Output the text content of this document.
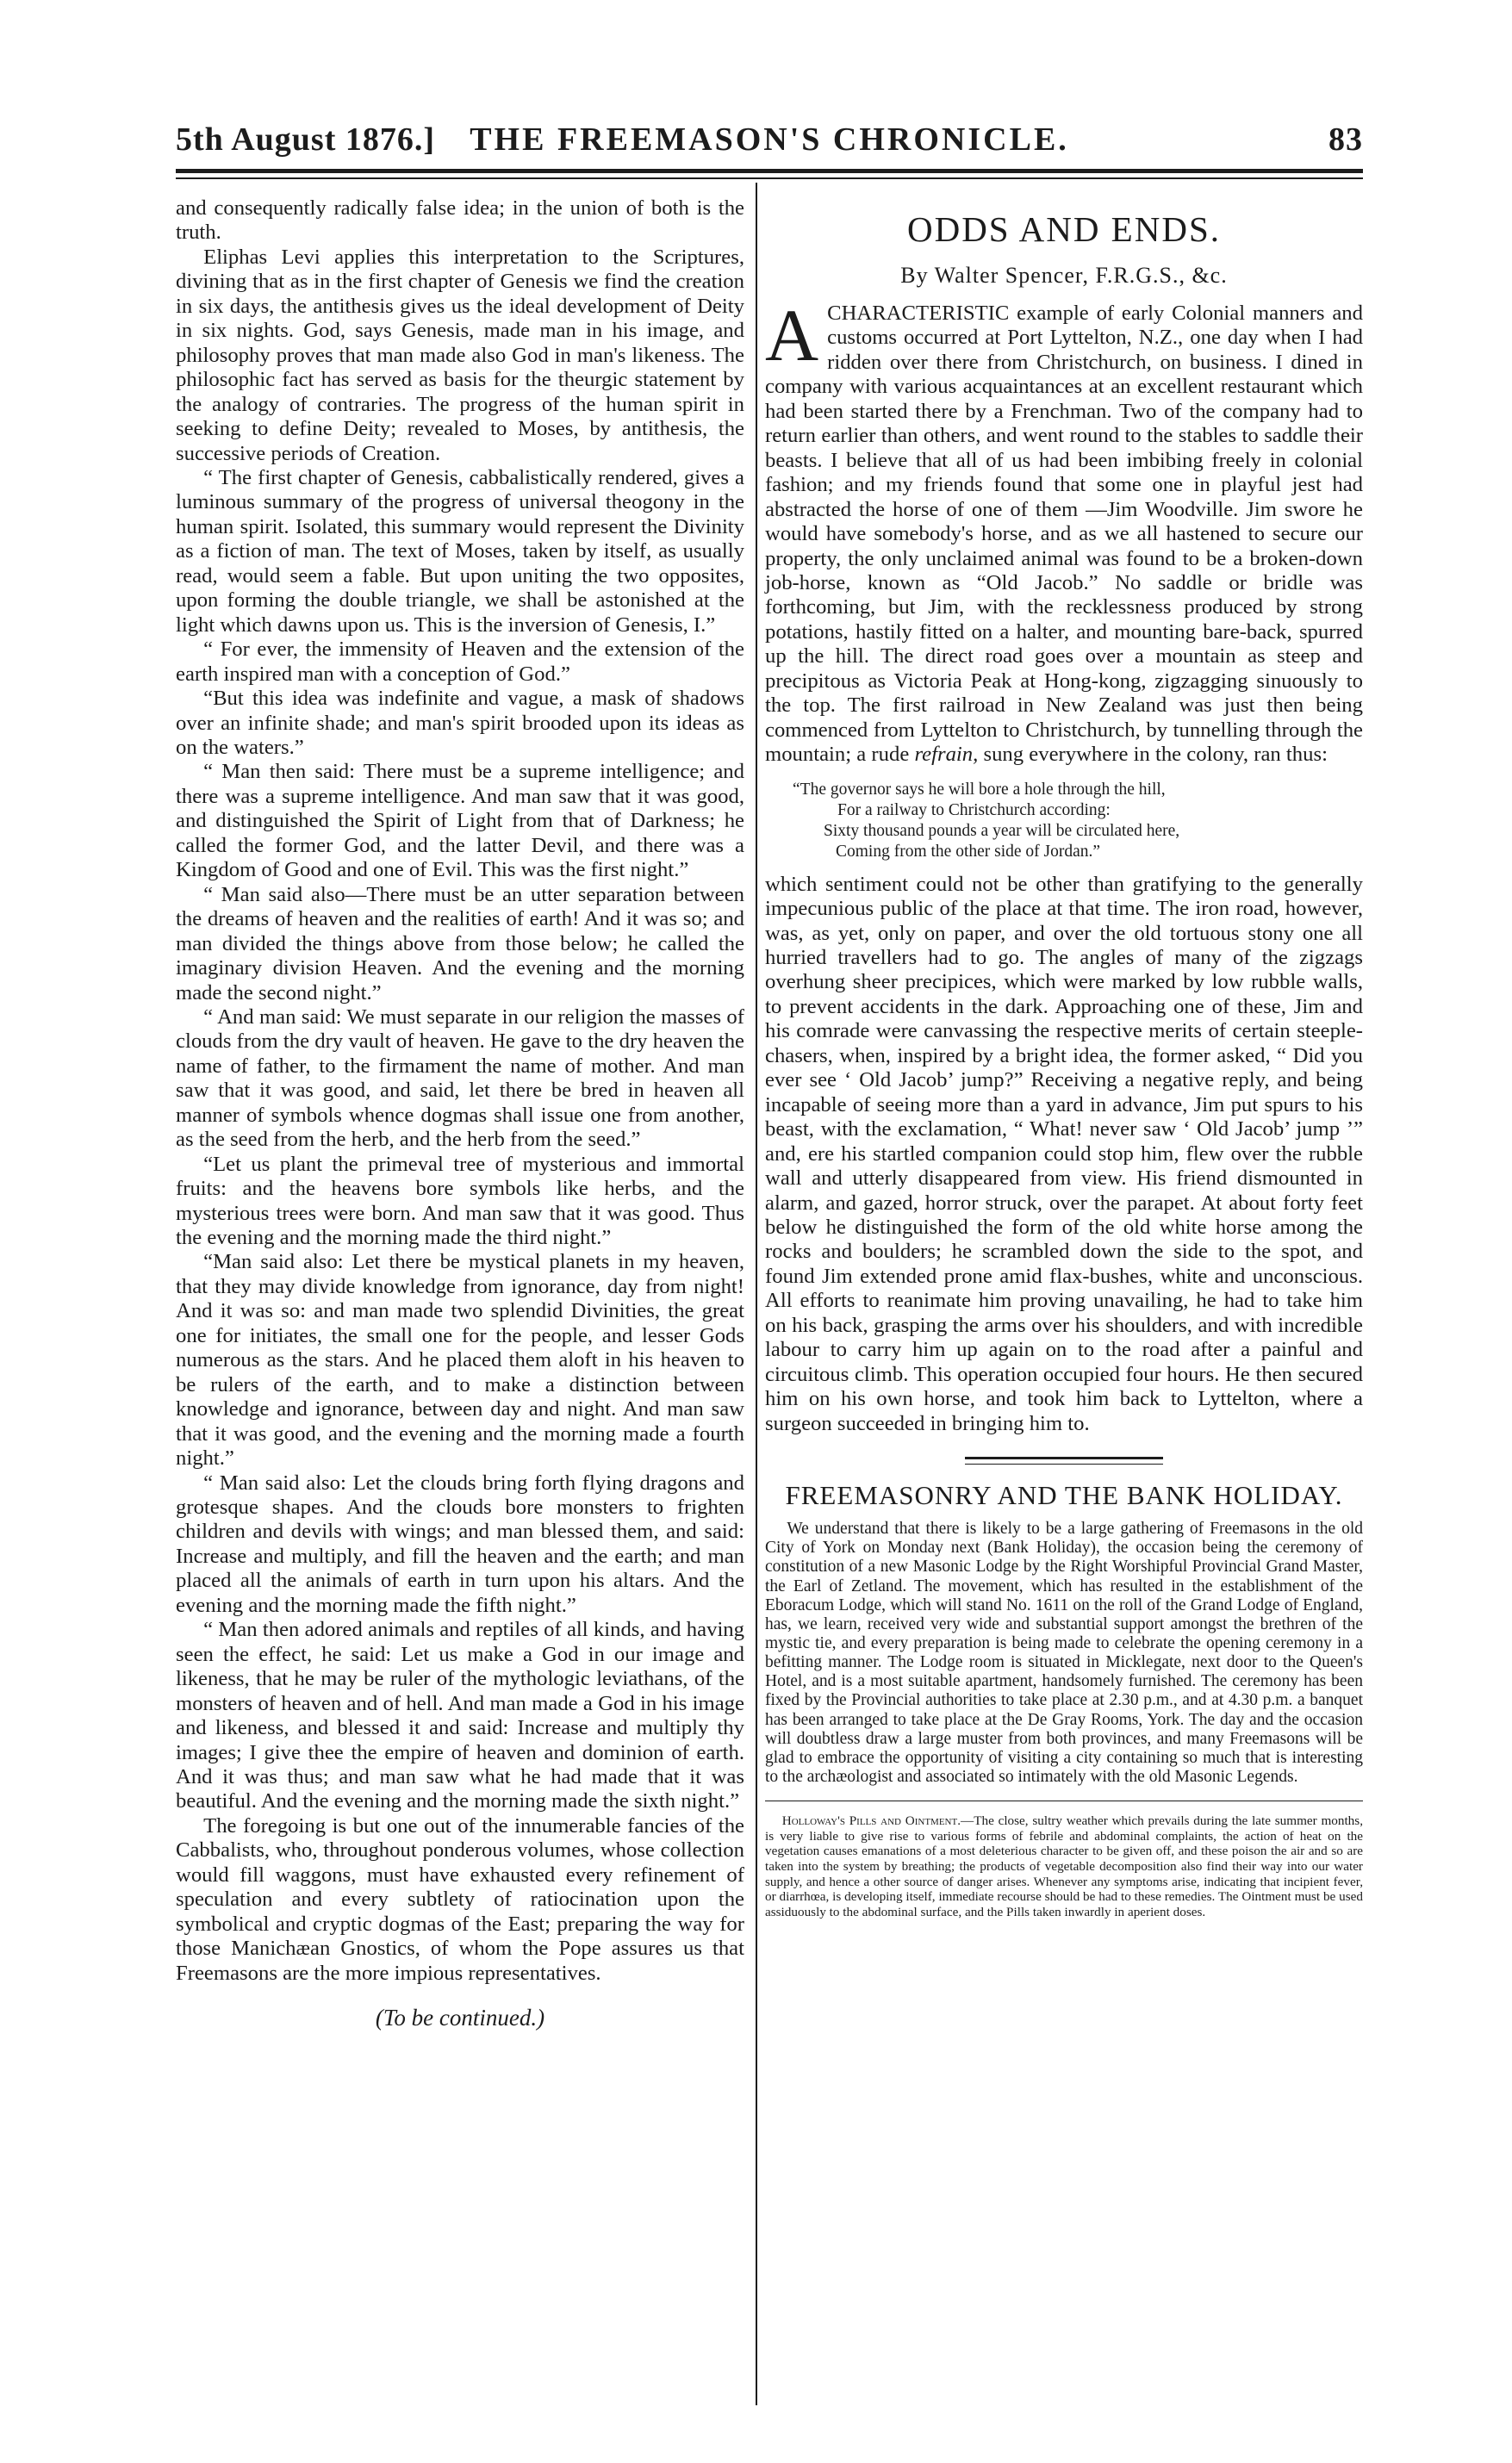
5th August 1876.]	THE FREEMASON'S CHRONICLE.	83

and consequently radically false idea; in the union of both is the truth.

Eliphas Levi applies this interpretation to the Scriptures, divining that as in the first chapter of Genesis we find the creation in six days, the antithesis gives us the ideal development of Deity in six nights. God, says Genesis, made man in his image, and philosophy proves that man made also God in man's likeness. The philosophic fact has served as basis for the theurgic statement by the analogy of contraries. The progress of the human spirit in seeking to define Deity; revealed to Moses, by antithesis, the successive periods of Creation.

“ The first chapter of Genesis, cabbalistically rendered, gives a luminous summary of the progress of universal theogony in the human spirit. Isolated, this summary would represent the Divinity as a fiction of man. The text of Moses, taken by itself, as usually read, would seem a fable. But upon uniting the two opposites, upon forming the double triangle, we shall be astonished at the light which dawns upon us. This is the inversion of Genesis, I.”

“ For ever, the immensity of Heaven and the extension of the earth inspired man with a conception of God.”

“But this idea was indefinite and vague, a mask of shadows over an infinite shade; and man's spirit brooded upon its ideas as on the waters.”

“ Man then said: There must be a supreme intelligence; and there was a supreme intelligence. And man saw that it was good, and distinguished the Spirit of Light from that of Darkness; he called the former God, and the latter Devil, and there was a Kingdom of Good and one of Evil. This was the first night.”

“ Man said also—There must be an utter separation between the dreams of heaven and the realities of earth! And it was so; and man divided the things above from those below; he called the imaginary division Heaven. And the evening and the morning made the second night.”

“ And man said: We must separate in our religion the masses of clouds from the dry vault of heaven. He gave to the dry heaven the name of father, to the firmament the name of mother. And man saw that it was good, and said, let there be bred in heaven all manner of symbols whence dogmas shall issue one from another, as the seed from the herb, and the herb from the seed.”

“Let us plant the primeval tree of mysterious and immortal fruits: and the heavens bore symbols like herbs, and the mysterious trees were born. And man saw that it was good. Thus the evening and the morning made the third night.”

“Man said also: Let there be mystical planets in my heaven, that they may divide knowledge from ignorance, day from night! And it was so: and man made two splendid Divinities, the great one for initiates, the small one for the people, and lesser Gods numerous as the stars. And he placed them aloft in his heaven to be rulers of the earth, and to make a distinction between knowledge and ignorance, between day and night. And man saw that it was good, and the evening and the morning made a fourth night.”

“ Man said also: Let the clouds bring forth flying dragons and grotesque shapes. And the clouds bore monsters to frighten children and devils with wings; and man blessed them, and said: Increase and multiply, and fill the heaven and the earth; and man placed all the animals of earth in turn upon his altars. And the evening and the morning made the fifth night.”

“ Man then adored animals and reptiles of all kinds, and having seen the effect, he said: Let us make a God in our image and likeness, that he may be ruler of the mythologic leviathans, of the monsters of heaven and of hell. And man made a God in his image and likeness, and blessed it and said: Increase and multiply thy images; I give thee the empire of heaven and dominion of earth. And it was thus; and man saw what he had made that it was beautiful. And the evening and the morning made the sixth night.”

The foregoing is but one out of the innumerable fancies of the Cabbalists, who, throughout ponderous volumes, whose collection would fill waggons, must have exhausted every refinement of speculation and every subtlety of ratiocination upon the symbolical and cryptic dogmas of the East; preparing the way for those Manichæan Gnostics, of whom the Pope assures us that Freemasons are the more impious representatives.

(To be continued.)
ODDS AND ENDS.
By Walter Spencer, F.R.G.S., &c.

ACHARACTERISTIC example of early Colonial manners and customs occurred at Port Lyttelton, N.Z., one day when I had ridden over there from Christchurch, on business. I dined in company with various acquaintances at an excellent restaurant which had been started there by a Frenchman. Two of the company had to return earlier than others, and went round to the stables to saddle their beasts. I believe that all of us had been imbibing freely in colonial fashion; and my friends found that some one in playful jest had abstracted the horse of one of them —Jim Woodville. Jim swore he would have somebody's horse, and as we all hastened to secure our property, the only unclaimed animal was found to be a broken-down job-horse, known as “Old Jacob.” No saddle or bridle was forthcoming, but Jim, with the recklessness produced by strong potations, hastily fitted on a halter, and mounting bare-back, spurred up the hill. The direct road goes over a mountain as steep and precipitous as Victoria Peak at Hong-kong, zigzagging sinuously to the top. The first railroad in New Zealand was just then being commenced from Lyttelton to Christchurch, by tunnelling through the mountain; a rude refrain, sung everywhere in the colony, ran thus:

“The governor says he will bore a hole through the hill,
For a railway to Christchurch according:
Sixty thousand pounds a year will be circulated here,
Coming from the other side of Jordan.”

which sentiment could not be other than gratifying to the generally impecunious public of the place at that time. The iron road, however, was, as yet, only on paper, and over the old tortuous stony one all hurried travellers had to go. The angles of many of the zigzags overhung sheer precipices, which were marked by low rubble walls, to prevent accidents in the dark. Approaching one of these, Jim and his comrade were canvassing the respective merits of certain steeple-chasers, when, inspired by a bright idea, the former asked, “ Did you ever see ‘ Old Jacob’ jump?” Receiving a negative reply, and being incapable of seeing more than a yard in advance, Jim put spurs to his beast, with the exclamation, “ What! never saw ‘ Old Jacob’ jump ’” and, ere his startled companion could stop him, flew over the rubble wall and utterly disappeared from view. His friend dismounted in alarm, and gazed, horror struck, over the parapet. At about forty feet below he distinguished the form of the old white horse among the rocks and boulders; he scrambled down the side to the spot, and found Jim extended prone amid flax-bushes, white and unconscious. All efforts to reanimate him proving unavailing, he had to take him on his back, grasping the arms over his shoulders, and with incredible labour to carry him up again on to the road after a painful and circuitous climb. This operation occupied four hours. He then secured him on his own horse, and took him back to Lyttelton, where a surgeon succeeded in bringing him to.

FREEMASONRY AND THE BANK HOLIDAY.

We understand that there is likely to be a large gathering of Freemasons in the old City of York on Monday next (Bank Holiday), the occasion being the ceremony of constitution of a new Masonic Lodge by the Right Worshipful Provincial Grand Master, the Earl of Zetland. The movement, which has resulted in the establishment of the Eboracum Lodge, which will stand No. 1611 on the roll of the Grand Lodge of England, has, we learn, received very wide and substantial support amongst the brethren of the mystic tie, and every preparation is being made to celebrate the opening ceremony in a befitting manner. The Lodge room is situated in Micklegate, next door to the Queen's Hotel, and is a most suitable apartment, handsomely furnished. The ceremony has been fixed by the Provincial authorities to take place at 2.30 p.m., and at 4.30 p.m. a banquet has been arranged to take place at the De Gray Rooms, York. The day and the occasion will doubtless draw a large muster from both provinces, and many Freemasons will be glad to embrace the opportunity of visiting a city containing so much that is interesting to the archæologist and associated so intimately with the old Masonic Legends.

Holloway's Pills and Ointment.—The close, sultry weather which prevails during the late summer months, is very liable to give rise to various forms of febrile and abdominal complaints, the action of heat on the vegetation causes emanations of a most deleterious character to be given off, and these poison the air and so are taken into the system by breathing; the products of vegetable decomposition also find their way into our water supply, and hence a other source of danger arises. Whenever any symptoms arise, indicating that incipient fever, or diarrhœa, is developing itself, immediate recourse should be had to these remedies. The Ointment must be used assiduously to the abdominal surface, and the Pills taken inwardly in aperient doses.
